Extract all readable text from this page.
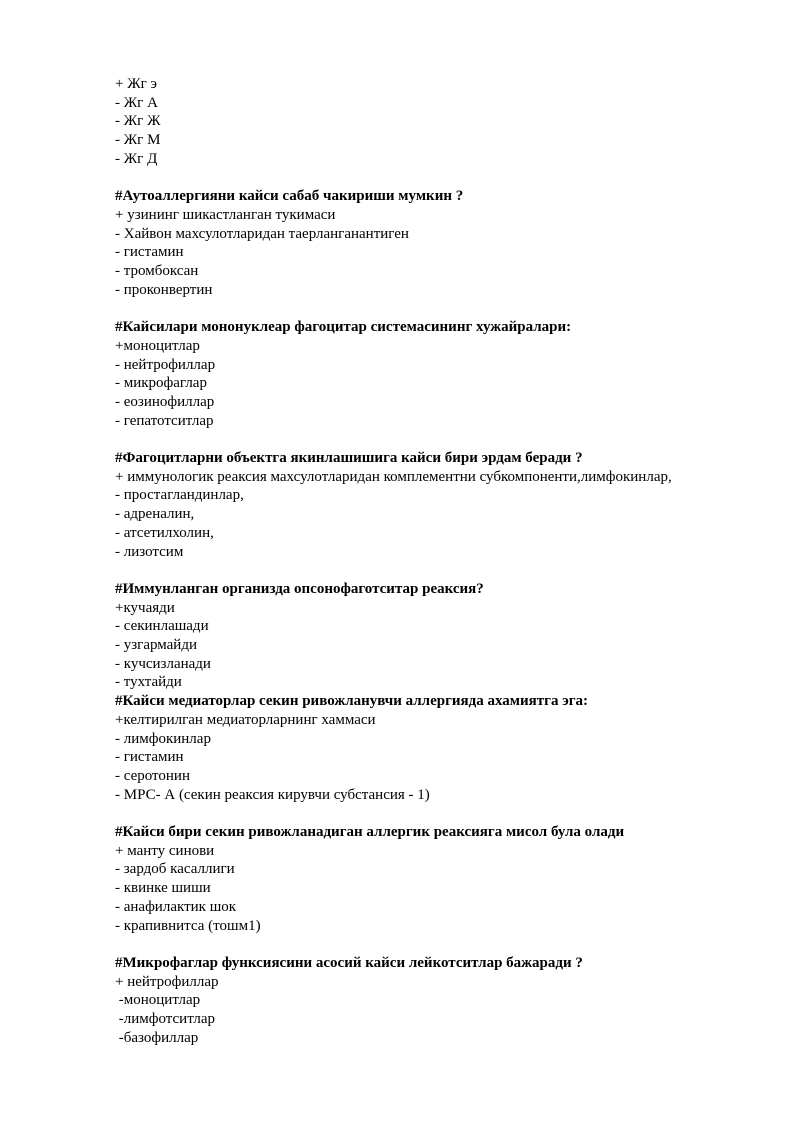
+ Жг э
- Жг А
- Жг Ж
- Жг М
- Жг Д
#Аутоаллергияни кайси сабаб чакириши мумкин ?
+ узининг шикастланган тукимаси
- Хайвон махсулотларидан таерланганантиген
- гистамин
- тромбоксан
- проконвертин
#Кайсилари мононуклеар фагоцитар системасининг хужайралари:
+моноцитлар
- нейтрофиллар
- микрофаглар
- еозинофиллар
- гепатотситлар
#Фагоцитларни объектга якинлашишига кайси бири эрдам беради ?
+ иммунологик реаксия махсулотларидан комплементни субкомпоненти,лимфокинлар,
- простагландинлар,
- адреналин,
- атсетилхолин,
- лизотсим
#Иммунланган организда опсонофаготситар реаксия?
+кучаяди
- секинлашади
- узгармайди
- кучсизланади
- тухтайди
#Кайси медиаторлар секин ривожланувчи аллергияда ахамиятга эга:
+келтирилган медиаторларнинг хаммаси
- лимфокинлар
- гистамин
- серотонин
- МРС- А (секин реаксия кирувчи субстансия - 1)
#Кайси бири секин ривожланадиган аллергик реаксияга мисол була олади
+ манту синови
- зардоб касаллиги
- квинке шиши
- анафилактик шок
- крапивнитса (тошм1)
#Микрофаглар функсиясини асосий кайси лейкотситлар бажаради ?
+ нейтрофиллар
-моноцитлар
-лимфотситлар
-базофиллар
